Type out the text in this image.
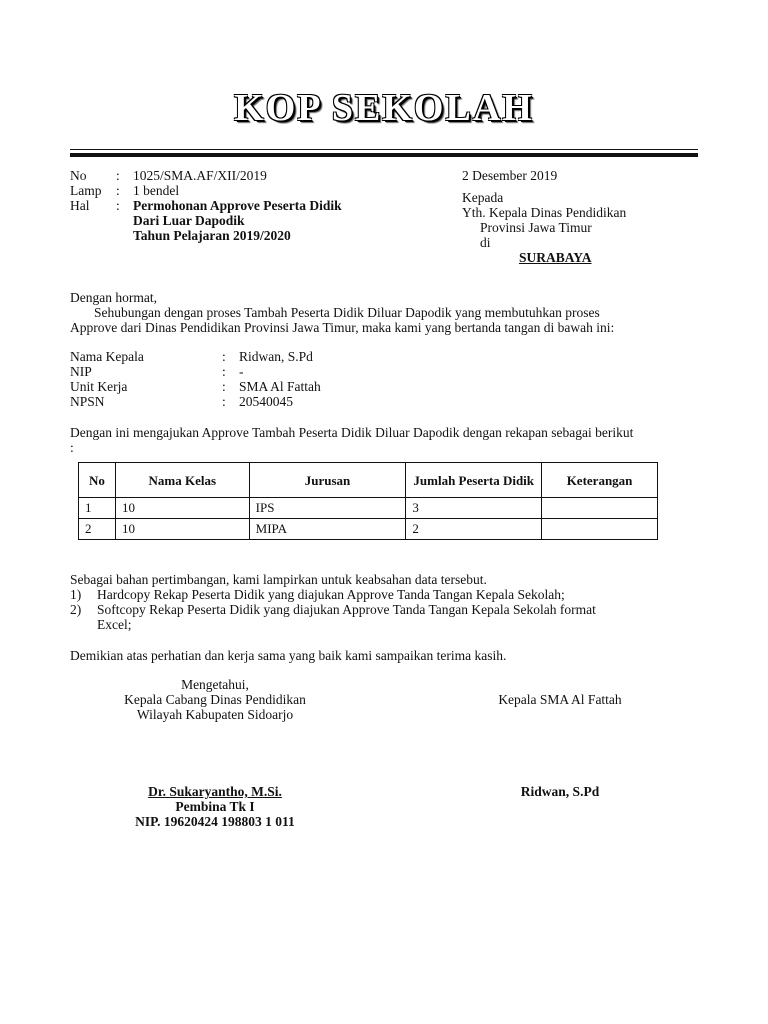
KOP SEKOLAH
No : 1025/SMA.AF/XII/2019
Lamp : 1 bendel
Hal : Permohonan Approve Peserta Didik
Dari Luar Dapodik
Tahun Pelajaran 2019/2020
2 Desember 2019
Kepada
Yth. Kepala Dinas Pendidikan
Provinsi Jawa Timur
di
SURABAYA
Dengan hormat,
Sehubungan dengan proses Tambah Peserta Didik Diluar Dapodik yang membutuhkan proses
Approve dari Dinas Pendidikan Provinsi Jawa Timur, maka kami yang bertanda tangan di bawah ini:
Nama Kepala	: Ridwan, S.Pd
NIP	: -
Unit Kerja	: SMA Al Fattah
NPSN	: 20540045
Dengan ini mengajukan Approve Tambah Peserta Didik Diluar Dapodik dengan rekapan sebagai berikut
:
No	Nama Kelas	Jurusan	Jumlah Peserta Didik	Keterangan
1	10	IPS	3	
2	10	MIPA	2	
Sebagai bahan pertimbangan, kami lampirkan untuk keabsahan data tersebut.
1) Hardcopy Rekap Peserta Didik yang diajukan Approve Tanda Tangan Kepala Sekolah;
2) Softcopy Rekap Peserta Didik yang diajukan Approve Tanda Tangan Kepala Sekolah format
Excel;
Demikian atas perhatian dan kerja sama yang baik kami sampaikan terima kasih.
Mengetahui,
Kepala Cabang Dinas Pendidikan
Wilayah Kabupaten Sidoarjo
Kepala SMA Al Fattah
Dr. Sukaryantho, M.Si.
Pembina Tk I
NIP. 19620424 198803 1 011
Ridwan, S.Pd
